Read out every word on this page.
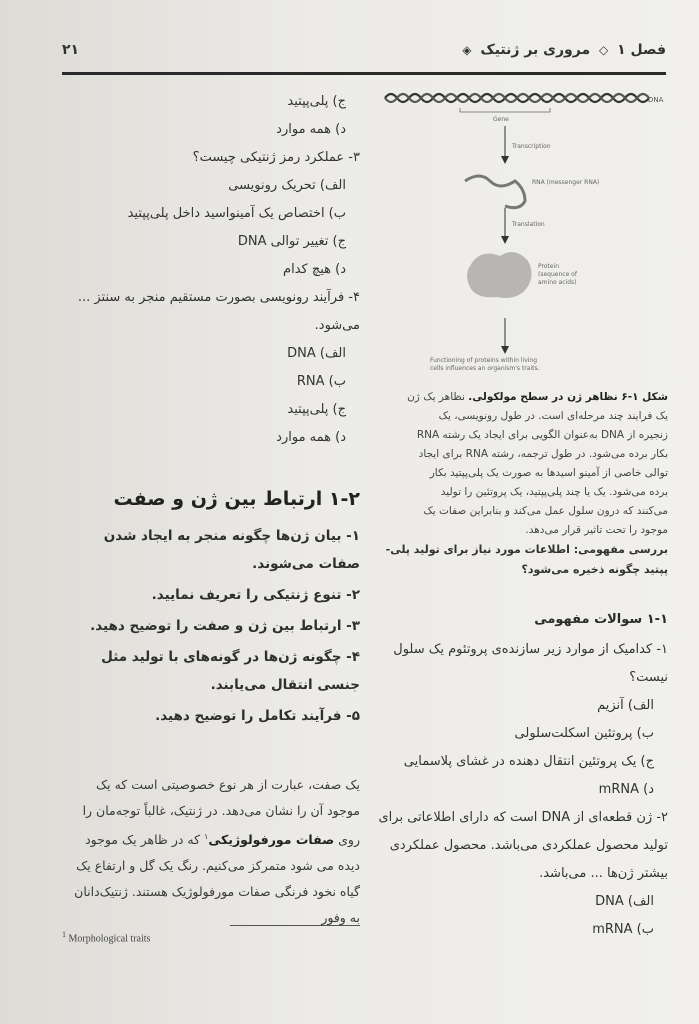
فصل ۱ ◇ مروری بر ژنتیک ◈
۲۱
DNA
Gene
Transcription
RNA (messenger RNA)
Translation
Protein
(sequence of
amino acids)
Functioning of proteins within living
cells influences an organism's traits.
شکل ۱-۶ نظاهر ژن در سطح مولکولی. نظاهر یک ژن
یک فرایند چند مرحله‌ای است. در طول رونویسی، یک
زنجیره از DNA به‌عنوان الگویی برای ایجاد یک رشته RNA
بکار برده می‌شود. در طول ترجمه، رشته RNA برای ایجاد
توالی خاصی از آمینو اسیدها به صورت یک پلی‌پپتید بکار
برده می‌شود. یک یا چند پلی‌پپتید، یک پروتئین را تولید
می‌کنند که درون سلول عمل می‌کند و بنابراین صفات یک
موجود را تحت تاثیر قرار می‌دهد.
بررسی مفهومی: اطلاعات مورد نیاز برای تولید پلی-
پپتید چگونه ذخیره می‌شود؟
۱-۱ سوالات مفهومی
۱- کدامیک از موارد زیر سازنده‌ی پروتئوم یک سلول نیست؟
الف) آنزیم
ب) پروتئین اسکلت‌سلولی
ج) یک پروتئین انتقال دهنده در غشای پلاسمایی
د) mRNA
۲- ژن قطعه‌ای از DNA است که دارای اطلاعاتی برای تولید محصول عملکردی می‌باشد. محصول عملکردی بیشتر ژن‌ها ... می‌باشد.
الف) DNA
ب) mRNA
ج) پلی‌پپتید
د) همه موارد
۳- عملکرد رمز ژنتیکی چیست؟
الف) تحریک رونویسی
ب) اختصاص یک آمینواسید داخل پلی‌پپتید
ج) تغییر توالی DNA
د) هیچ کدام
۴- فرآیند رونویسی بصورت مستقیم منجر به سنتز ... می‌شود.
الف) DNA
ب) RNA
ج) پلی‌پپتید
د) همه موارد
۱-۲ ارتباط بین ژن و صفت
۱- بیان ژن‌ها چگونه منجر به ایجاد شدن صفات می‌شوند.
۲- تنوع ژنتیکی را تعریف نمایید.
۳- ارتباط بین ژن و صفت را توضیح دهید.
۴- چگونه ژن‌ها در گونه‌های با تولید مثل جنسی انتقال می‌یابند.
۵- فرآیند تکامل را توضیح دهید.
یک صفت، عبارت از هر نوع خصوصیتی است که یک موجود آن را نشان می‌دهد. در ژنتیک، غالباً توجه‌مان را روی صفات مورفولوژیکی$^۱$ که در ظاهر یک موجود دیده می شود متمرکز می‌کنیم. رنگ یک گل و ارتفاع یک گیاه نخود فرنگی صفات مورفولوژیک هستند. ژنتیک‌دانان به وفور
$^1$ Morphological traits
